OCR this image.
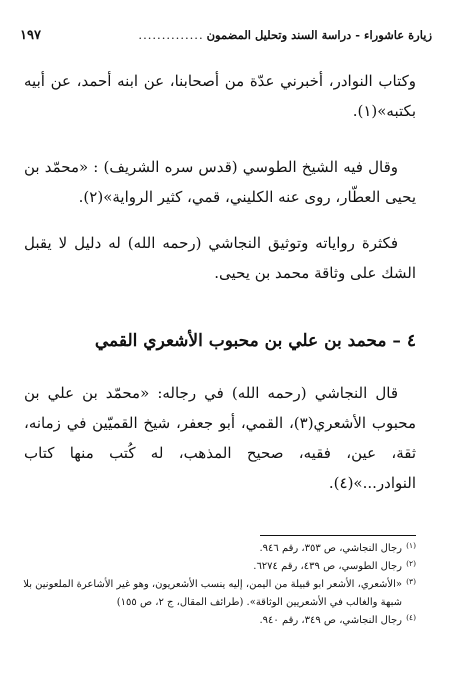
زيارة عاشوراء - دراسة السند وتحليل المضمون
..............
١٩٧

وكتاب النوادر، أخبرني عدّة من أصحابنا، عن ابنه أحمد، عن أبيه بكتبه»(١).

وقال فيه الشيخ الطوسي (قدس سره الشريف) : «محمّد بن يحيى العطّار، روى عنه الكليني، قمي، كثير الرواية»(٢).

فكثرة رواياته وتوثيق النجاشي (رحمه الله) له دليل لا يقبل الشك على وثاقة محمد بن يحيى.

٤ – محمد بن علي بن محبوب الأشعري القمي

قال النجاشي (رحمه الله) في رجاله: «محمّد بن علي بن محبوب الأشعري(٣)، القمي، أبو جعفر، شيخ القميّين في زمانه، ثقة، عين، فقيه، صحيح المذهب، له كُتب منها كتاب النوادر...»(٤).

(١)
رجال النجاشي، ص ٣٥٣، رقم ٩٤٦.
(٢)
رجال الطوسي، ص ٤٣٩، رقم ٦٢٧٤.
(٣)
«الأشعري، الأشعر ابو قبيلة من اليمن، إليه ينسب الأشعريون، وهو غير الأشاعرة الملعونين بلا شبهة والغالب في الأشعريين الوثاقة». (طرائف المقال، ج ٢، ص ١٥٥)
(٤)
رجال النجاشي، ص ٣٤٩، رقم ٩٤٠.
